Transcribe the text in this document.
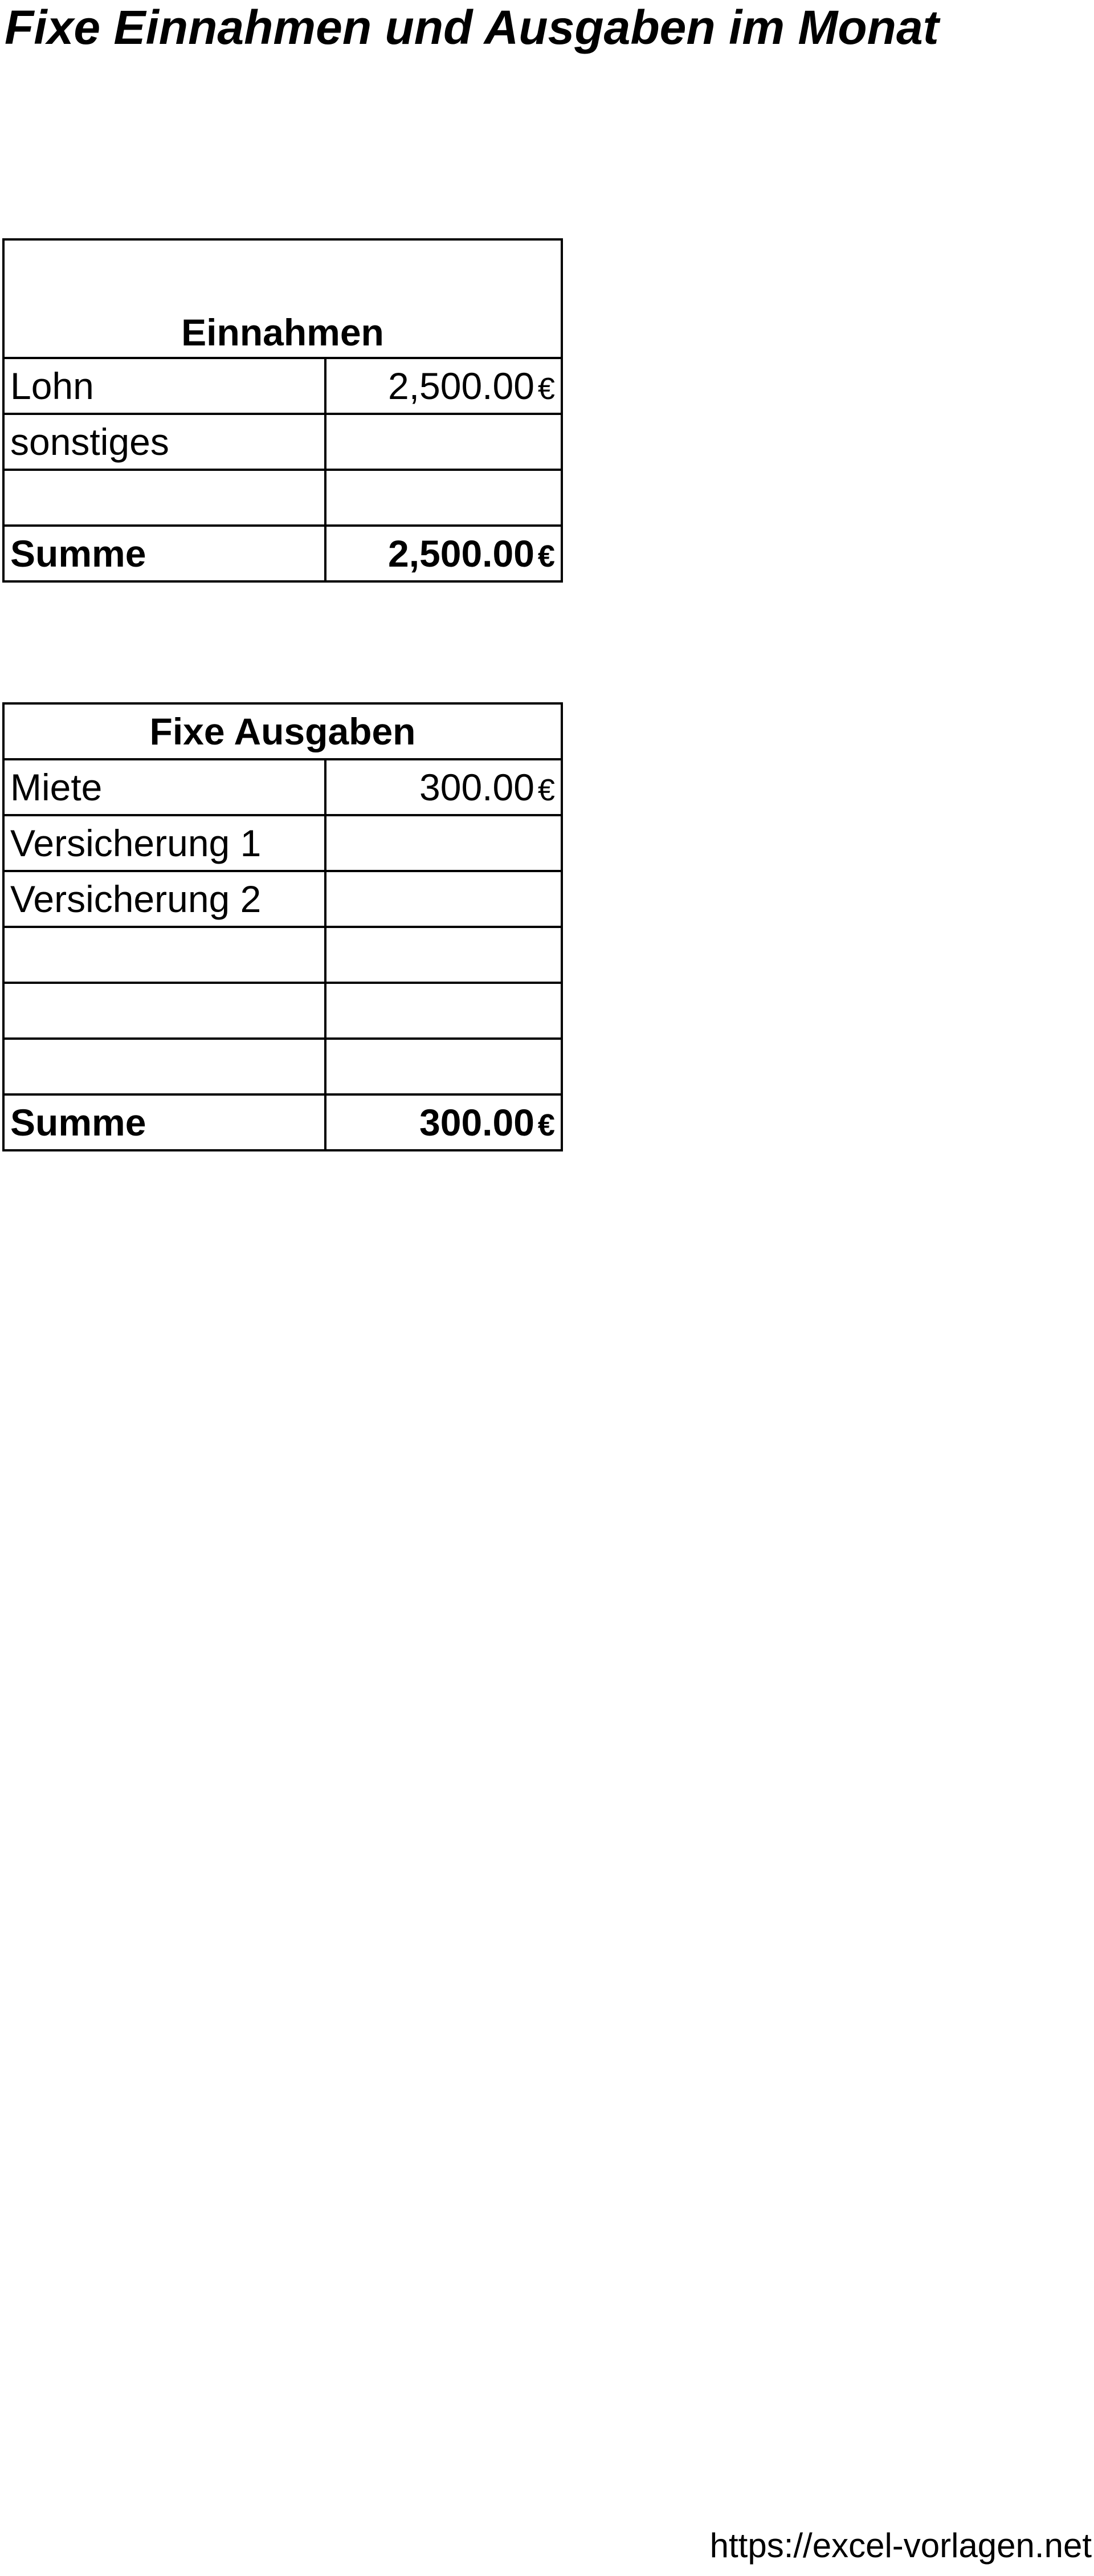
Fixe Einnahmen und Ausgaben im Monat
Einnahmen	
Lohn	2,500.00 €
sonstiges	

Summe	2,500.00 €
Fixe Ausgaben	
Miete	300.00 €
Versicherung 1	
Versicherung 2	

Summe	300.00 €
https://excel-vorlagen.net
